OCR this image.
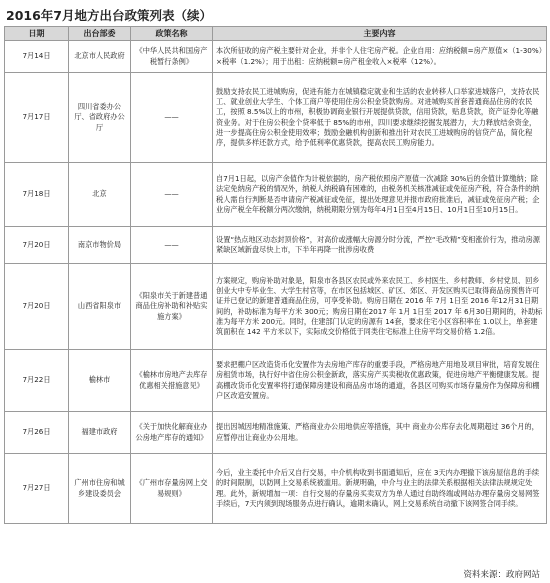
2016年7月地方出台政策列表（续）
日期	出台部委	政策名称	主要内容
7月14日	北京市人民政府	《中华人民共和国房产税暂行条例》	本次所征收的房产税主要针对企业，并非个人住宅房产税。企业自用：应纳税额=房产原值×（1-30%）×税率（1.2%）；用于出租：应纳税额=房产租金收入×税率（12%）。
7月17日	四川省委办公厅、省政府办公厅	——	鼓励支持农民工进城购房，促进有能力在城镇稳定就业和生活的农业转移人口举家进城落户，支持农民工、就业创业大学生、个体工商户等使用住房公积金贷款购房。对进城购买首套普通商品住房的农民工，按照 8.5%以上的市州，积极协调商业银行开展提供贷款，信用贷款，贴息贷款，资产证券化等融资业务。对于住房公积金个贷率低于 85%的市州，四川要求继续挖掘发展潜力，大力释放结余资金，进一步提高住房公积金使用效率；鼓励金融机构创新和推出针对农民工进城购房的信贷产品，简化程序，提供多样还款方式，给予低利率优惠贷款，提高农民工购房能力。
7月18日	北京	——	自7月1日起，以房产余值作为计税依据的，房产税依照房产原值一次减除 30%后的余值计算缴纳；除法定免纳房产税的情况外，纳税人纳税确有困难的，由税务机关核准减征或免征房产税，符合条件的纳税人需自行判断是否申请房产税减征或免征，提出处理意见并报市政府批准后，减征或免征房产税；企业房产税全年税额分两次缴纳，纳税期限分别为每年4月1日至4月15日、10月1日至10月15日。
7月20日	南京市物价局	——	设置“热点地区动态封顶价格”，对高价或涨幅大房源分时分流，严控“毛改精”变相涨价行为，推动房源紧缺区域新盘尽快上市，下半年再降一批涉房收费
7月20日	山西省阳泉市	《阳泉市关于新建普通商品住房补助和补贴实施方案》	方案规定，购房补助对象是，阳泉市各县区农民或外来农民工、乡村医生、乡村教师、乡村党员、回乡创业大中专毕业生、大学生村官等，在市区包括城区、矿区、郊区、开发区购买已取得商品房预售许可证并已登记的新建普通商品住房，可享受补助。购房日期在 2016 年 7月 1日至 2016 年12月31日期间的，补助标准为每平方米 300元；购房日期在2017 年 1月 1日至 2017 年 6月30日期间的，补助标准为每平方米 200元。同时，住建部门认定的房源有 14套，要求住宅小区容积率在 1.0以上，单套建筑面积在 142 平方米以下，实际成交价格低于同类住宅标准上住房平均交易价格 1.2倍。
7月22日	榆林市	《榆林市房地产去库存优惠相关措施意见》	要求把棚户区改造货币化安置作为去房地产库存的重要手段，严格房地产用地及项目审批，培育发展住房租赁市场，执行好中省住房公积金新政，落实房产买卖税收优惠政策，促进房地产平衡健康发展。提高棚改货币化安置率将打通保障房建设和商品房市场的通道，各县区可购买市场存量房作为保障房和棚户区改造安置房。
7月26日	福建市政府	《关于加快化解商业办公房地产库存的通知》	提出因城因地精准施策、严格商业办公用地供应等措施，其中 商业办公库存去化周期超过 36个月的，应暂停出让商业办公用地。
7月27日	广州市住房和城乡建设委员会	《广州市存量房网上交易规则》	今后，业主委托中介后又自行交易，中介机构收到书面通知后，应在 3天内办理撤下该房屋信息的手续的时间限制，以防网上交易系统被滥用。新规明确，中介与业主的法律关系根据相关法律法规规定处理。此外，新规增加一项：自行交易的存量房买卖双方为单人通过自助终端或网站办理存量房交易网签手续后，7天内须到现场服务点进行确认，逾期未确认，网上交易系统自动撤下该网签合同手续。
资料来源：政府网站
